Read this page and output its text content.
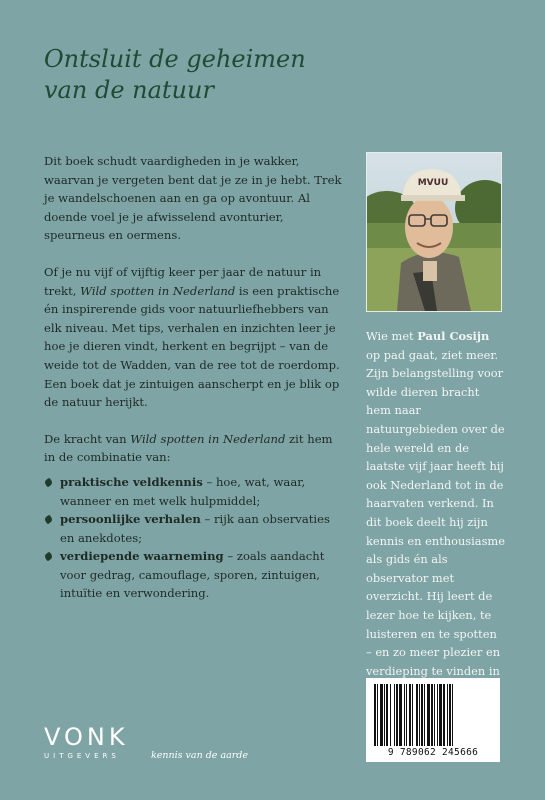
Ontsluit de geheimen
van de natuur

Dit boek schudt vaardigheden in je wakker, waarvan je vergeten bent dat je ze in je hebt. Trek je wandelschoenen aan en ga op avontuur. Al doende voel je je afwisselend avonturier, speurneus en oermens.

Of je nu vijf of vijftig keer per jaar de natuur in trekt, Wild spotten in Nederland is een praktische én inspirerende gids voor natuurliefhebbers van elk niveau. Met tips, verhalen en inzichten leer je hoe je dieren vindt, herkent en begrijpt – van de weide tot de Wadden, van de ree tot de roerdomp. Een boek dat je zintuigen aanscherpt en je blik op de natuur herijkt.

De kracht van Wild spotten in Nederland zit hem in de combinatie van:

praktische veldkennis – hoe, wat, waar, wanneer en met welk hulpmiddel;
persoonlijke verhalen – rijk aan observaties en anekdotes;
verdiepende waarneming – zoals aandacht voor gedrag, camouflage, sporen, zintuigen, intuïtie en verwondering.
MVUU

Wie met Paul Cosijn op pad gaat, ziet meer. Zijn belangstelling voor wilde dieren bracht hem naar natuurgebieden over de hele wereld en de laatste vijf jaar heeft hij ook Nederland tot in de haarvaten verkend. In dit boek deelt hij zijn kennis en enthousiasme als gids én als observator met overzicht. Hij leert de lezer hoe te kijken, te luisteren en te spotten – en zo meer plezier en verdieping te vinden in

9 789062 245666
VONK
UITGEVERS	kennis van de aarde
